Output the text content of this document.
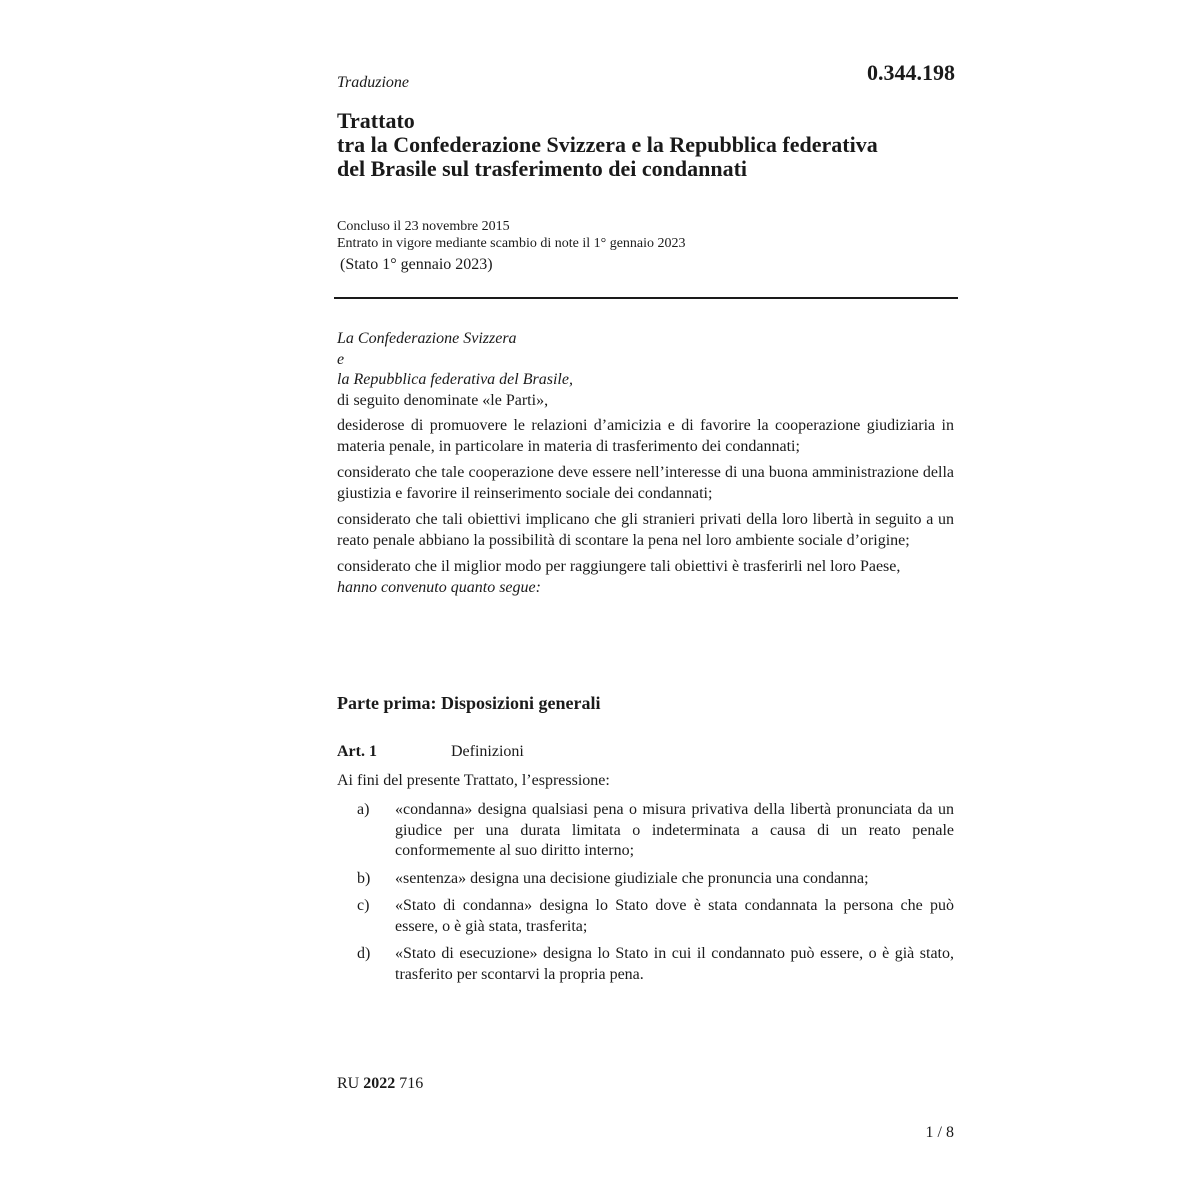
Traduzione	0.344.198
Trattato
tra la Confederazione Svizzera e la Repubblica federativa
del Brasile sul trasferimento dei condannati
Concluso il 23 novembre 2015
Entrato in vigore mediante scambio di note il 1° gennaio 2023
(Stato 1° gennaio 2023)
La Confederazione Svizzera
e
la Repubblica federativa del Brasile,
di seguito denominate «le Parti»,

desiderose di promuovere le relazioni d’amicizia e di favorire la cooperazione giudiziaria in materia penale, in particolare in materia di trasferimento dei condannati;

considerato che tale cooperazione deve essere nell’interesse di una buona amministrazione della giustizia e favorire il reinserimento sociale dei condannati;

considerato che tali obiettivi implicano che gli stranieri privati della loro libertà in seguito a un reato penale abbiano la possibilità di scontare la pena nel loro ambiente sociale d’origine;

considerato che il miglior modo per raggiungere tali obiettivi è trasferirli nel loro Paese,

hanno convenuto quanto segue:
Parte prima: Disposizioni generali
Art. 1	Definizioni
Ai fini del presente Trattato, l’espressione:
a)	«condanna» designa qualsiasi pena o misura privativa della libertà pronunciata da un giudice per una durata limitata o indeterminata a causa di un reato penale conformemente al suo diritto interno;
b)	«sentenza» designa una decisione giudiziale che pronuncia una condanna;
c)	«Stato di condanna» designa lo Stato dove è stata condannata la persona che può essere, o è già stata, trasferita;
d)	«Stato di esecuzione» designa lo Stato in cui il condannato può essere, o è già stato, trasferito per scontarvi la propria pena.
RU 2022 716
1 / 8
